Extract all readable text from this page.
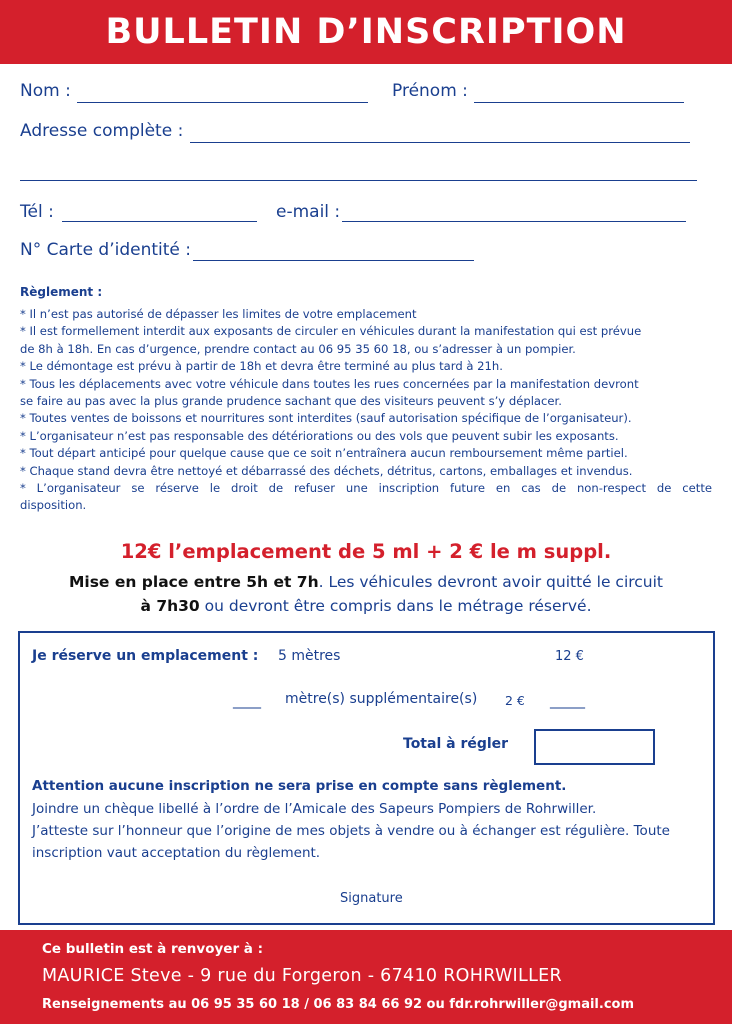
BULLETIN D’INSCRIPTION
Nom :	Prénom :
Adresse complète :
Tél :	e-mail :
N° Carte d’identité :
Règlement :

* Il n’est pas autorisé de dépasser les limites de votre emplacement

* Il est formellement interdit aux exposants de circuler en véhicules durant la manifestation qui est prévue

de 8h à 18h. En cas d’urgence, prendre contact au 06 95 35 60 18, ou s’adresser à un pompier.

* Le démontage est prévu à partir de 18h et devra être terminé au plus tard à 21h.

* Tous les déplacements avec votre véhicule dans toutes les rues concernées par la manifestation devront

se faire au pas avec la plus grande prudence sachant que des visiteurs peuvent s’y déplacer.

* Toutes ventes de boissons et nourritures sont interdites (sauf autorisation spécifique de l’organisateur).

* L’organisateur n’est pas responsable des détériorations ou des vols que peuvent subir les exposants.

* Tout départ anticipé pour quelque cause que ce soit n’entraînera aucun remboursement même partiel.

* Chaque stand devra être nettoyé et débarrassé des déchets, détritus, cartons, emballages et invendus.

* L’organisateur se réserve le droit de refuser une inscription future en cas de non-respect de cette

disposition.

12€ l’emplacement de 5 ml + 2 € le m suppl.
Mise en place entre 5h et 7h. Les véhicules devront avoir quitté le circuit
à 7h30 ou devront être compris dans le métrage réservé.
Je réserve un emplacement : 5 mètres	12 €
____ mètre(s) supplémentaire(s) 2 € _____
Total à régler
Attention aucune inscription ne sera prise en compte sans règlement.
Joindre un chèque libellé à l’ordre de l’Amicale des Sapeurs Pompiers de Rohrwiller.
J’atteste sur l’honneur que l’origine de mes objets à vendre ou à échanger est régulière. Toute
inscription vaut acceptation du règlement.
Signature
Ce bulletin est à renvoyer à :
MAURICE Steve - 9 rue du Forgeron - 67410 ROHRWILLER
Renseignements au 06 95 35 60 18 / 06 83 84 66 92 ou fdr.rohrwiller@gmail.com
